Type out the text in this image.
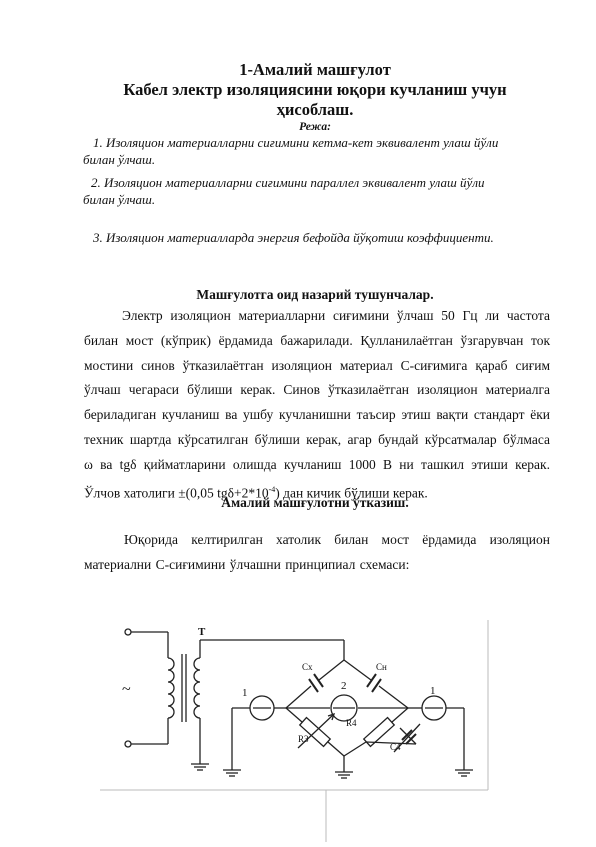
1-Амалий машғулот
Кабел электр изоляциясини юқори кучланиш учун
ҳисоблаш.
Режа:
1. Изоляцион материалларни сиғимини кетма-кет эквивалент улаш йўли
билан ўлчаш.
2. Изоляцион материалларни сиғимини параллел эквивалент улаш йўли
билан ўлчаш.
3. Изоляцион материалларда энергия бефойда йўқотиш коэффициенти.
Машғулотга оид назарий тушунчалар.
Электр изоляцион материалларни сиғимини ўлчаш 50 Гц ли частота
билан мост (кўприк) ёрдамида бажарилади. Қулланилаётган ўзгарувчан ток
мостини синов ўтказилаётган изоляцион материал С-сиғимига қараб сиғим
ўлчаш чегараси бўлиши керак. Синов ўтказилаётган изоляцион материалга
бериладиган кучланиш ва ушбу кучланишни таъсир этиш вақти стандарт ёки
техник шартда кўрсатилган бўлиши керак, агар бундай кўрсатмалар бўлмаса
ω ва tgδ қийматларини олишда кучланиш 1000 В ни ташкил этиши керак.
Ўлчов хатолиги ±(0,05 $tg\delta+2*10^{-4}$) дан кичик бўлиши керак.
Амалий машғулотни ўтказиш.
Юқорида келтирилган хатолик билан мост ёрдамида изоляцион
материални С-сиғимини ўлчашни принципиал схемаси:
T
~	1
2	1
Cx	Cн
R3
R4
C4
